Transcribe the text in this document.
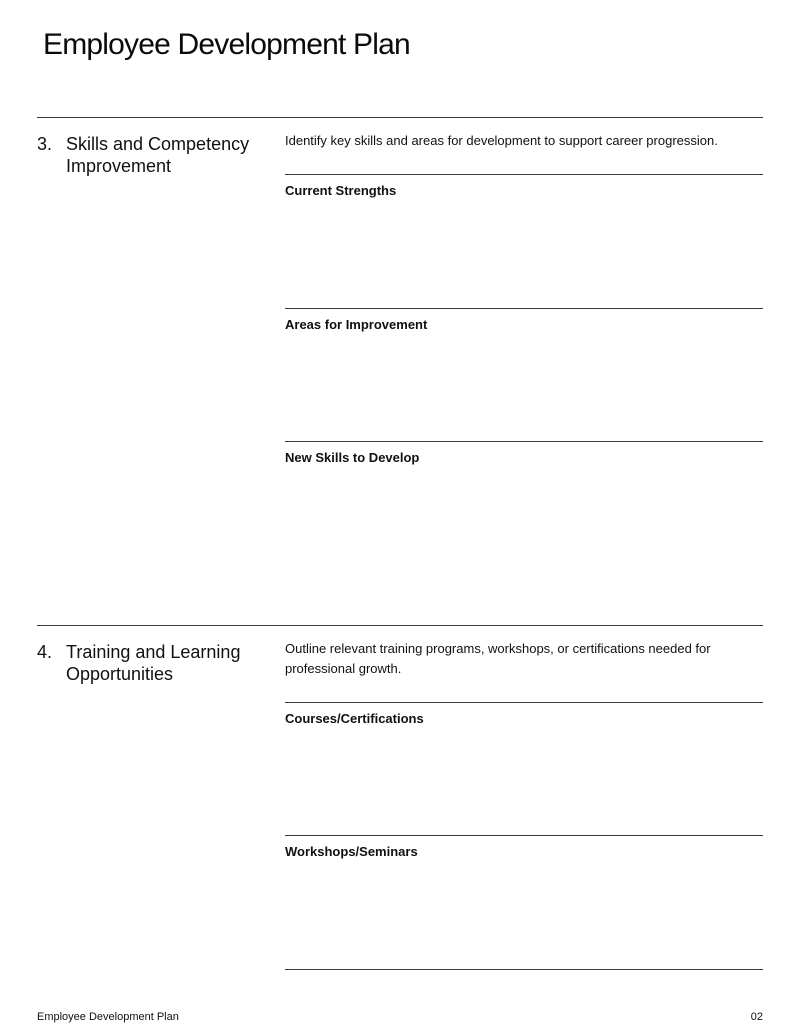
Employee Development Plan
3. Skills and Competency Improvement
Identify key skills and areas for development to support career progression.
Current Strengths
Areas for Improvement
New Skills to Develop
4. Training and Learning Opportunities
Outline relevant training programs, workshops, or certifications needed for professional growth.
Courses/Certifications
Workshops/Seminars
Employee Development Plan	02
